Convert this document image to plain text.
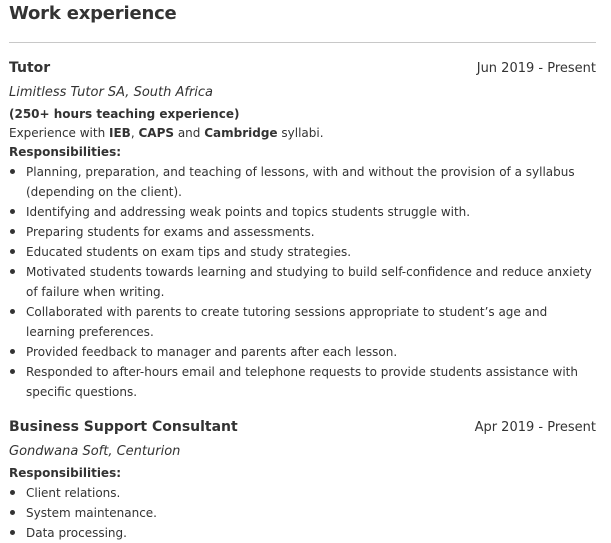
Work experience
Tutor	Jun 2019 - Present
Limitless Tutor SA, South Africa
(250+ hours teaching experience)
Experience with IEB, CAPS and Cambridge syllabi.
Responsibilities:
Planning, preparation, and teaching of lessons, with and without the provision of a syllabus (depending on the client).
Identifying and addressing weak points and topics students struggle with.
Preparing students for exams and assessments.
Educated students on exam tips and study strategies.
Motivated students towards learning and studying to build self-confidence and reduce anxiety of failure when writing.
Collaborated with parents to create tutoring sessions appropriate to student’s age and learning preferences.
Provided feedback to manager and parents after each lesson.
Responded to after-hours email and telephone requests to provide students assistance with specific questions.
Business Support Consultant	Apr 2019 - Present
Gondwana Soft, Centurion
Responsibilities:
Client relations.
System maintenance.
Data processing.
